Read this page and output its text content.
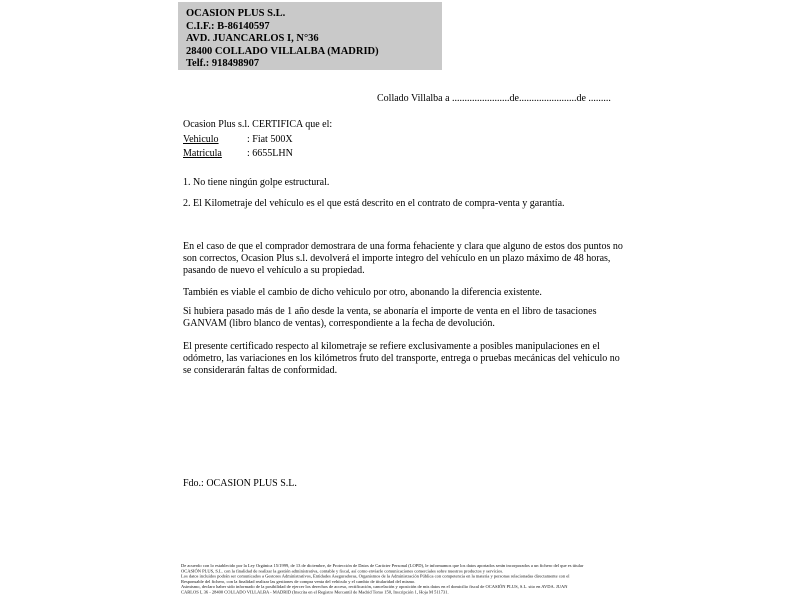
OCASION PLUS S.L.
C.I.F.: B-86140597
AVD. JUANCARLOS I, N°36
28400 COLLADO VILLALBA (MADRID)
Telf.: 918498907
Collado Villalba a .......................de.......................de .........
Ocasion Plus s.l. CERTIFICA que el:
Vehiculo	: Fiat 500X
Matricula	: 6655LHN
1. No tiene ningún golpe estructural.
2. El Kilometraje del vehículo es el que está descrito en el contrato de compra-venta y garantía.
En el caso de que el comprador demostrara de una forma fehaciente y clara que alguno de estos dos puntos no
son correctos, Ocasion Plus s.l. devolverá el importe integro del vehículo en un plazo máximo de 48 horas,
pasando de nuevo el vehículo a su propiedad.
También es viable el cambio de dicho vehiculo por otro, abonando la diferencia existente.
Si hubiera pasado más de 1 año desde la venta, se abonaría el importe de venta en el libro de tasaciones
GANVAM (libro blanco de ventas), correspondiente a la fecha de devolución.
El presente certificado respecto al kilometraje se refiere exclusivamente a posibles manipulaciones en el
odómetro, las variaciones en los kilómetros fruto del transporte, entrega o pruebas mecánicas del vehiculo no
se considerarán faltas de conformidad.
Fdo.: OCASION PLUS S.L.
De acuerdo con lo establecido por la Ley Orgánica 15/1999, de 13 de diciembre, de Protección de Datos de Carácter Personal (LOPD), le informamos que los datos aportados serán incorporados a un fichero del que es titular
OCASIÓN PLUS, S.L. con la finalidad de realizar la gestión administrativa, contable y fiscal, así como enviarle comunicaciones comerciales sobre nuestros productos y servicios.
Los datos incluidos podrán ser comunicados a Gestores Administrativos, Entidades Aseguradoras, Organismos de la Administración Pública con competencia en la materia y personas relacionadas directamente con el
Responsable del fichero, con la finalidad realizar las gestiones de compra venta del vehículo y el cambio de titularidad del mismo.
Asimismo, declaro haber sido informado de la posibilidad de ejercer los derechos de acceso, rectificación, cancelación y oposición de mis datos en el domicilio fiscal de OCASIÓN PLUS, S.L. sito en AVDA. JUAN
CARLOS I, 36 - 28400 COLLADO VILLALBA - MADRID (Inscrita en el Registro Mercantil de Madrid Tomo 150, Inscripción 1, Hoja M 511731.
